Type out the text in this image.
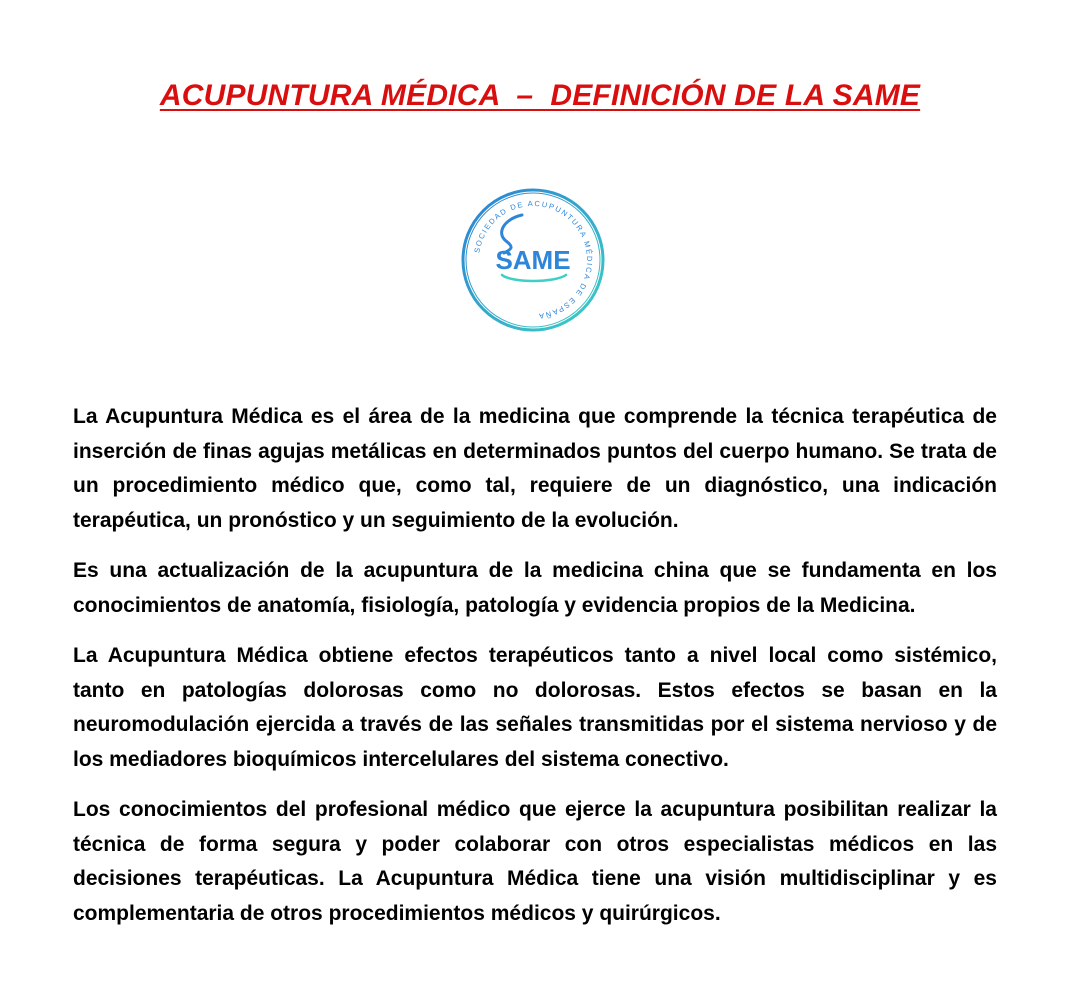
ACUPUNTURA MÉDICA  –  DEFINICIÓN DE LA SAME
SOCIEDAD DE ACUPUNTURA MÉDICA DE ESPAÑA
SAME

La Acupuntura Médica es el área de la medicina que comprende la técnica terapéutica de inserción de finas agujas metálicas en determinados puntos del cuerpo humano. Se trata de un procedimiento médico que, como tal, requiere de un diagnóstico, una indicación terapéutica, un pronóstico y un seguimiento de la evolución.

Es una actualización de la acupuntura de la medicina china que se fundamenta en los conocimientos de anatomía, fisiología, patología y evidencia propios de la Medicina.

La Acupuntura Médica obtiene efectos terapéuticos tanto a nivel local como sistémico, tanto en patologías dolorosas como no dolorosas. Estos efectos se basan en la neuromodulación ejercida a través de las señales transmitidas por el sistema nervioso y de los mediadores bioquímicos intercelulares del sistema conectivo.

Los conocimientos del profesional médico que ejerce la acupuntura posibilitan realizar la técnica de forma segura y poder colaborar con otros especialistas médicos en las decisiones terapéuticas. La Acupuntura Médica tiene una visión multidisciplinar y es complementaria de otros procedimientos médicos y quirúrgicos.
